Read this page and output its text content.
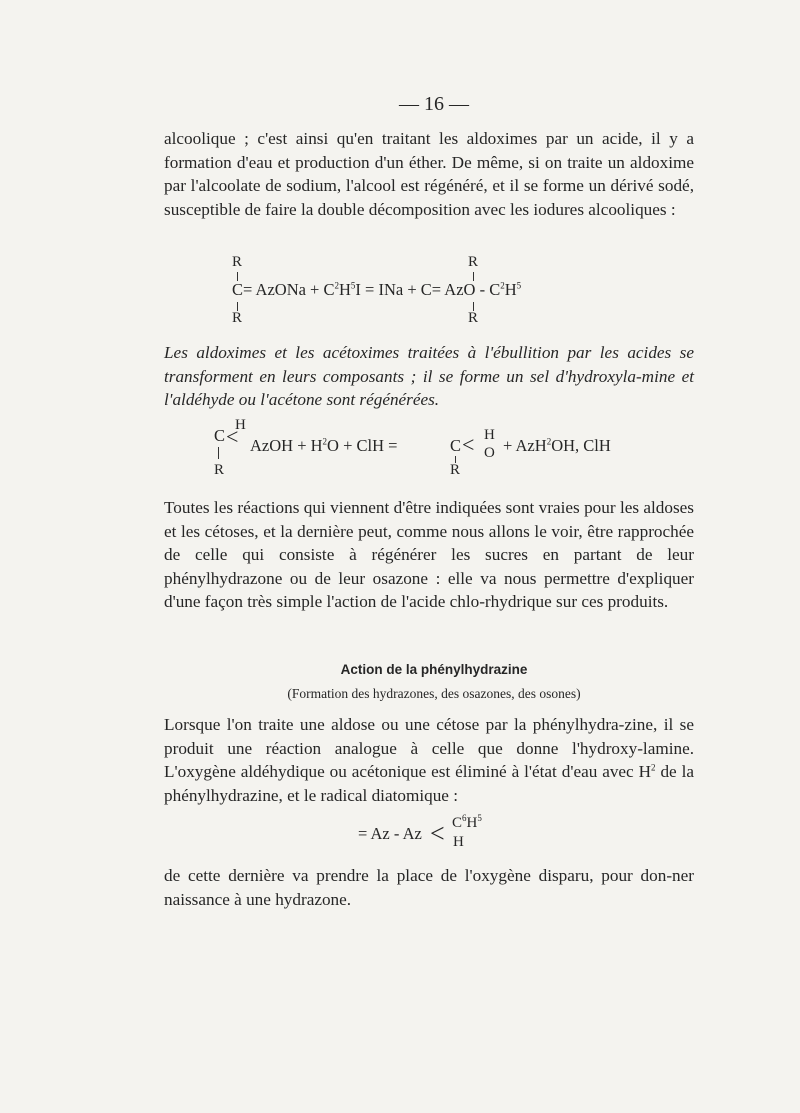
— 16 —

alcoolique ; c'est ainsi qu'en traitant les aldoximes par un acide, il y a formation d'eau et production d'un éther. De même, si on traite un aldoxime par l'alcoolate de sodium, l'alcool est régénéré, et il se forme un dérivé sodé, susceptible de faire la double décomposition avec les iodures alcooliques :

R	R
C= AzONa + $C^2H^5I$ = INa + C= AzO - $C^2H^5$
R	R

Les aldoximes et les acétoximes traitées à l'ébullition par les acides se transforment en leurs composants ; il se forme un sel d'hydroxyla-mine et l'aldéhyde ou l'acétone sont régénérées.

H
C < AzOH + $H^2O$ + ClH =	C < H
O + AzH$^2$OH, ClH
R	R

Toutes les réactions qui viennent d'être indiquées sont vraies pour les aldoses et les cétoses, et la dernière peut, comme nous allons le voir, être rapprochée de celle qui consiste à régénérer les sucres en partant de leur phénylhydrazone ou de leur osazone : elle va nous permettre d'expliquer d'une façon très simple l'action de l'acide chlo-rhydrique sur ces produits.

Action de la phénylhydrazine

(Formation des hydrazones, des osazones, des osones)

Lorsque l'on traite une aldose ou une cétose par la phénylhydra-zine, il se produit une réaction analogue à celle que donne l'hydroxy-lamine. L'oxygène aldéhydique ou acétonique est éliminé à l'état d'eau avec $H^2$ de la phénylhydrazine, et le radical diatomique :

= $Az - Az < C^6H^5$
H

de cette dernière va prendre la place de l'oxygène disparu, pour don-ner naissance à une hydrazone.
